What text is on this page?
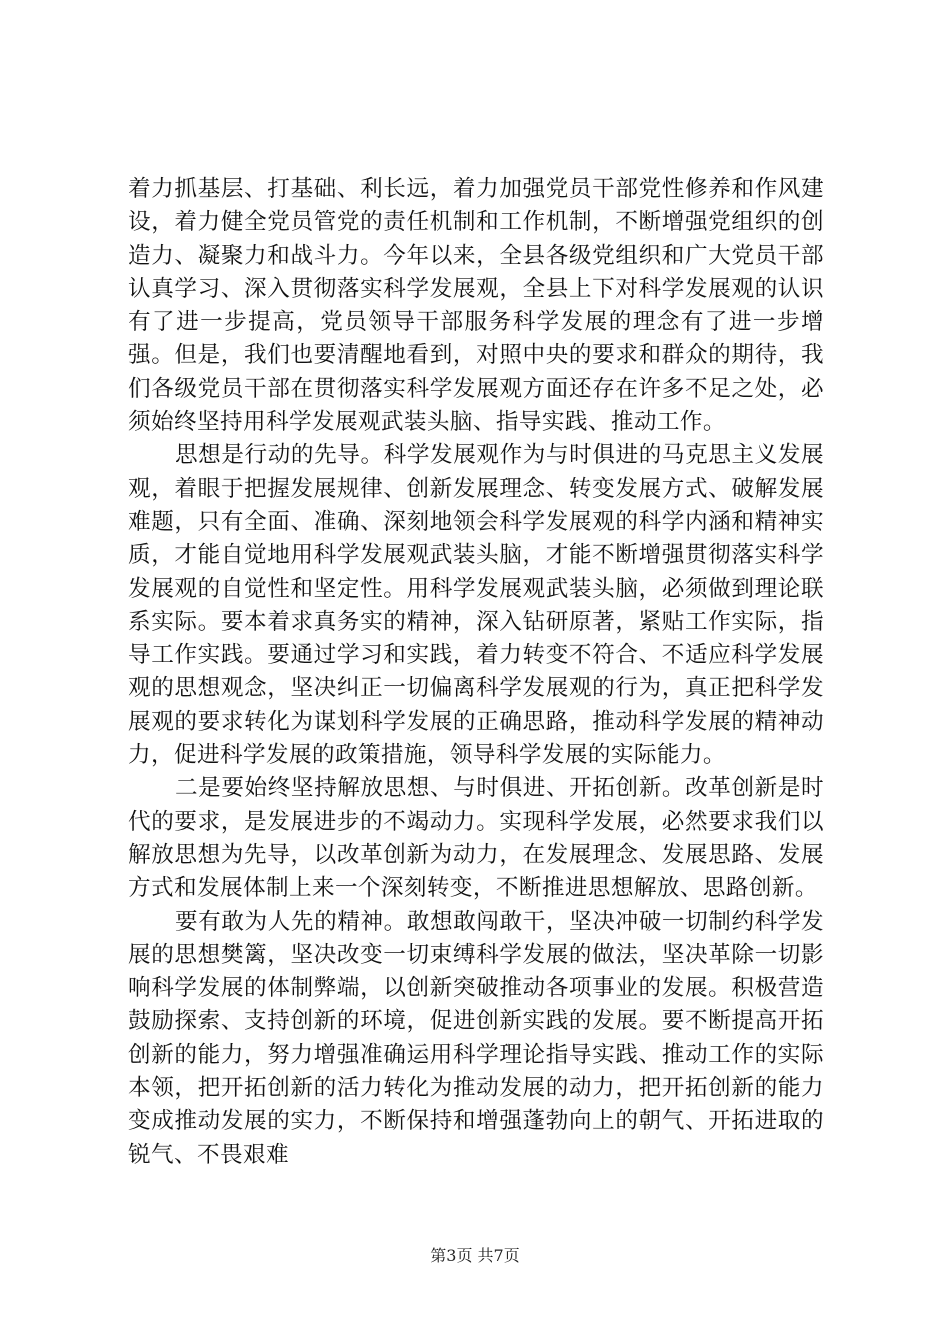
着力抓基层、打基础、利长远，着力加强党员干部党性修养和作风建设，着力健全党员管党的责任机制和工作机制，不断增强党组织的创造力、凝聚力和战斗力。今年以来，全县各级党组织和广大党员干部认真学习、深入贯彻落实科学发展观，全县上下对科学发展观的认识有了进一步提高，党员领导干部服务科学发展的理念有了进一步增强。但是，我们也要清醒地看到，对照中央的要求和群众的期待，我们各级党员干部在贯彻落实科学发展观方面还存在许多不足之处，必须始终坚持用科学发展观武装头脑、指导实践、推动工作。

思想是行动的先导。科学发展观作为与时俱进的马克思主义发展观，着眼于把握发展规律、创新发展理念、转变发展方式、破解发展难题，只有全面、准确、深刻地领会科学发展观的科学内涵和精神实质，才能自觉地用科学发展观武装头脑，才能不断增强贯彻落实科学发展观的自觉性和坚定性。用科学发展观武装头脑，必须做到理论联系实际。要本着求真务实的精神，深入钻研原著，紧贴工作实际，指导工作实践。要通过学习和实践，着力转变不符合、不适应科学发展观的思想观念，坚决纠正一切偏离科学发展观的行为，真正把科学发展观的要求转化为谋划科学发展的正确思路，推动科学发展的精神动力，促进科学发展的政策措施，领导科学发展的实际能力。

二是要始终坚持解放思想、与时俱进、开拓创新。改革创新是时代的要求，是发展进步的不竭动力。实现科学发展，必然要求我们以解放思想为先导，以改革创新为动力，在发展理念、发展思路、发展方式和发展体制上来一个深刻转变，不断推进思想解放、思路创新。

要有敢为人先的精神。敢想敢闯敢干，坚决冲破一切制约科学发展的思想樊篱，坚决改变一切束缚科学发展的做法，坚决革除一切影响科学发展的体制弊端，以创新突破推动各项事业的发展。积极营造鼓励探索、支持创新的环境，促进创新实践的发展。要不断提高开拓创新的能力，努力增强准确运用科学理论指导实践、推动工作的实际本领，把开拓创新的活力转化为推动发展的动力，把开拓创新的能力变成推动发展的实力，不断保持和增强蓬勃向上的朝气、开拓进取的锐气、不畏艰难

第3页 共7页
